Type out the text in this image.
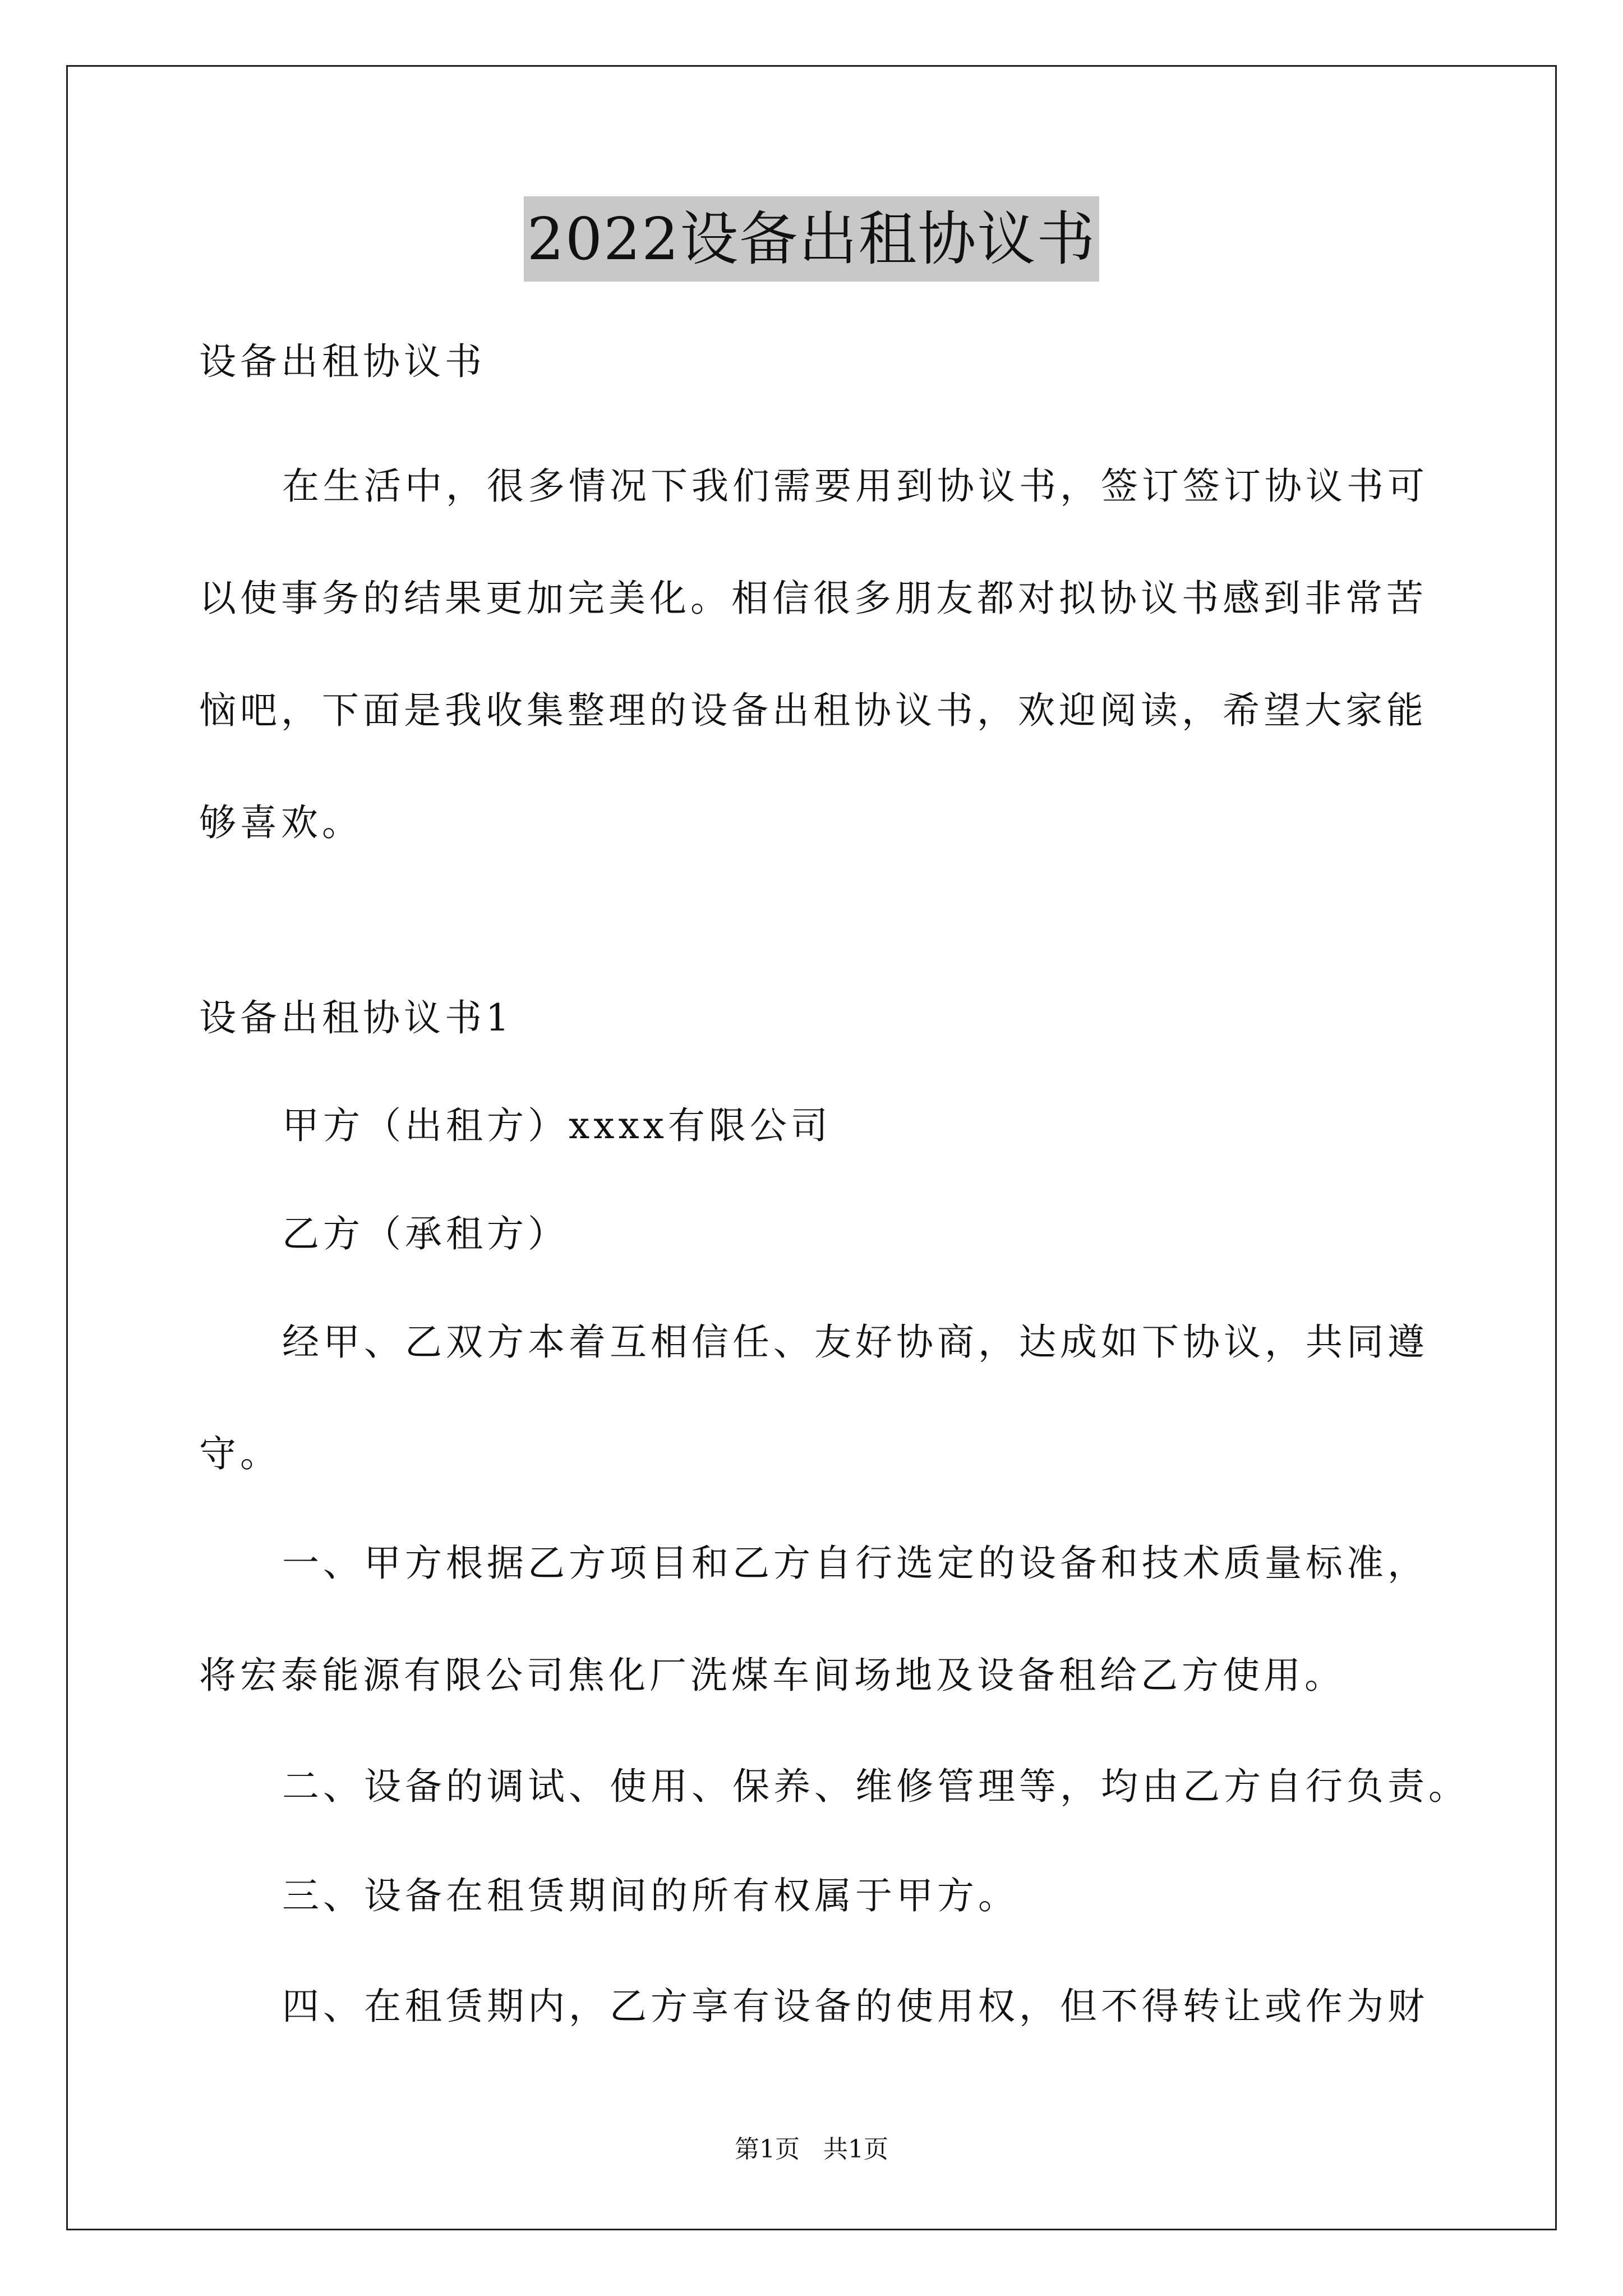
2022设备出租协议书

设备出租协议书

在生活中，很多情况下我们需要用到协议书，签订签订协议书可

以使事务的结果更加完美化。相信很多朋友都对拟协议书感到非常苦

恼吧，下面是我收集整理的设备出租协议书，欢迎阅读，希望大家能

够喜欢。

设备出租协议书1

甲方（出租方）xxxx有限公司

乙方（承租方）

经甲、乙双方本着互相信任、友好协商，达成如下协议，共同遵

守。

一、甲方根据乙方项目和乙方自行选定的设备和技术质量标准，

将宏泰能源有限公司焦化厂洗煤车间场地及设备租给乙方使用。

二、设备的调试、使用、保养、维修管理等，均由乙方自行负责。

三、设备在租赁期间的所有权属于甲方。

四、在租赁期内，乙方享有设备的使用权，但不得转让或作为财

第1页   共1页
